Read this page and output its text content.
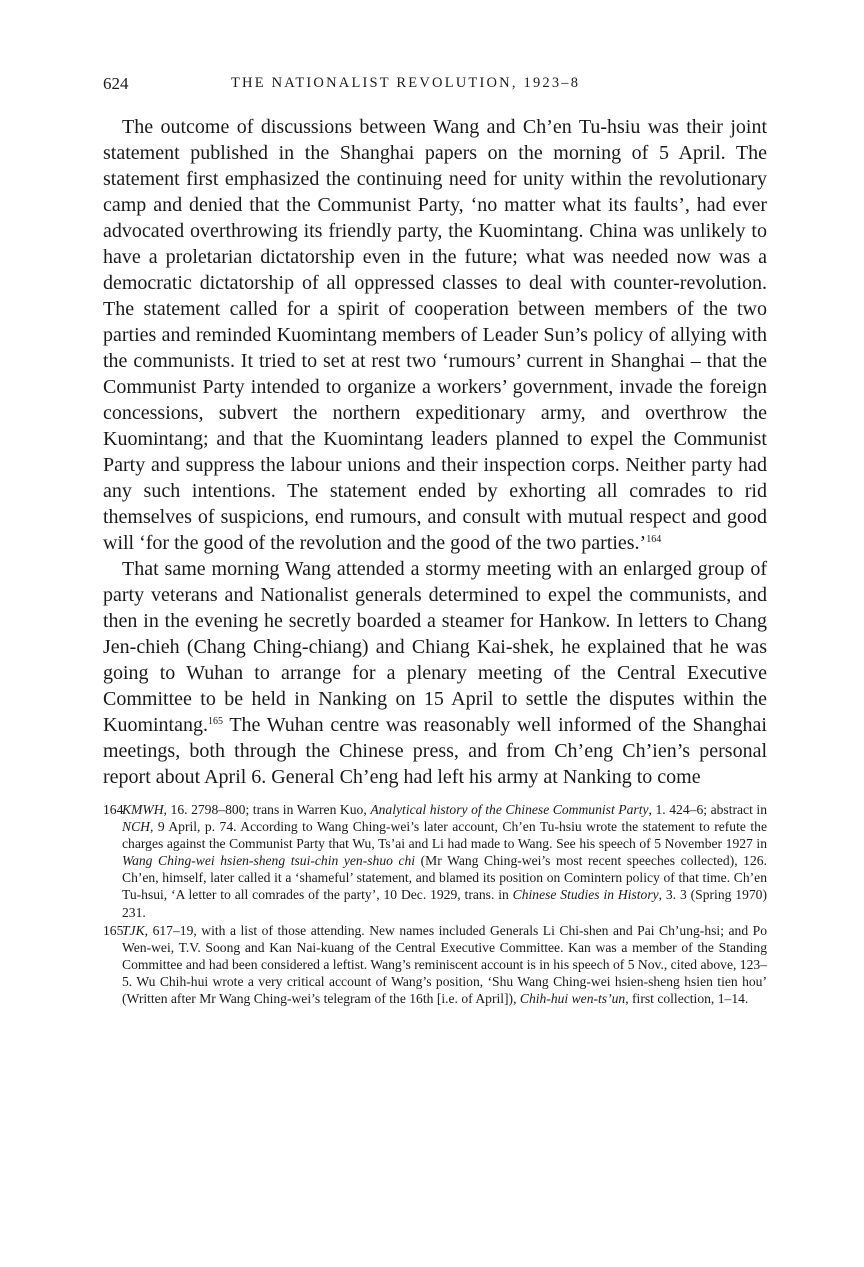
624	THE NATIONALIST REVOLUTION, 1923–8

The outcome of discussions between Wang and Ch’en Tu-hsiu was their joint statement published in the Shanghai papers on the morning of 5 April. The statement first emphasized the continuing need for unity within the revolutionary camp and denied that the Communist Party, ‘no matter what its faults’, had ever advocated overthrowing its friendly party, the Kuomintang. China was unlikely to have a proletarian dictatorship even in the future; what was needed now was a democratic dictatorship of all oppressed classes to deal with counter-revolution. The statement called for a spirit of cooperation between members of the two parties and reminded Kuomintang members of Leader Sun’s policy of allying with the communists. It tried to set at rest two ‘rumours’ current in Shanghai – that the Communist Party intended to organize a workers’ government, invade the foreign concessions, subvert the northern expeditionary army, and overthrow the Kuomintang; and that the Kuomintang leaders planned to expel the Communist Party and suppress the labour unions and their inspection corps. Neither party had any such intentions. The statement ended by exhorting all comrades to rid themselves of suspicions, end rumours, and consult with mutual respect and good will ‘for the good of the revolution and the good of the two parties.’$^{164}$

That same morning Wang attended a stormy meeting with an enlarged group of party veterans and Nationalist generals determined to expel the communists, and then in the evening he secretly boarded a steamer for Hankow. In letters to Chang Jen-chieh (Chang Ching-chiang) and Chiang Kai-shek, he explained that he was going to Wuhan to arrange for a plenary meeting of the Central Executive Committee to be held in Nanking on 15 April to settle the disputes within the Kuomintang.$^{165}$ The Wuhan centre was reasonably well informed of the Shanghai meetings, both through the Chinese press, and from Ch’eng Ch’ien’s personal report about April 6. General Ch’eng had left his army at Nanking to come

164
KMWH, 16. 2798–800; trans in Warren Kuo, Analytical history of the Chinese Communist Party, 1. 424–6; abstract in NCH, 9 April, p. 74. According to Wang Ching-wei’s later account, Ch’en Tu-hsiu wrote the statement to refute the charges against the Communist Party that Wu, Ts’ai and Li had made to Wang. See his speech of 5 November 1927 in Wang Ching-wei hsien-sheng tsui-chin yen-shuo chi (Mr Wang Ching-wei’s most recent speeches collected), 126. Ch’en, himself, later called it a ‘shameful’ statement, and blamed its position on Comintern policy of that time. Ch’en Tu-hsui, ‘A letter to all comrades of the party’, 10 Dec. 1929, trans. in Chinese Studies in History, 3. 3 (Spring 1970) 231.

165
TJK, 617–19, with a list of those attending. New names included Generals Li Chi-shen and Pai Ch’ung-hsi; and Po Wen-wei, T.V. Soong and Kan Nai-kuang of the Central Executive Committee. Kan was a member of the Standing Committee and had been considered a leftist. Wang’s reminiscent account is in his speech of 5 Nov., cited above, 123–5. Wu Chih-hui wrote a very critical account of Wang’s position, ‘Shu Wang Ching-wei hsien-sheng hsien tien hou’ (Written after Mr Wang Ching-wei’s telegram of the 16th [i.e. of April]), Chih-hui wen-ts’un, first collection, 1–14.
